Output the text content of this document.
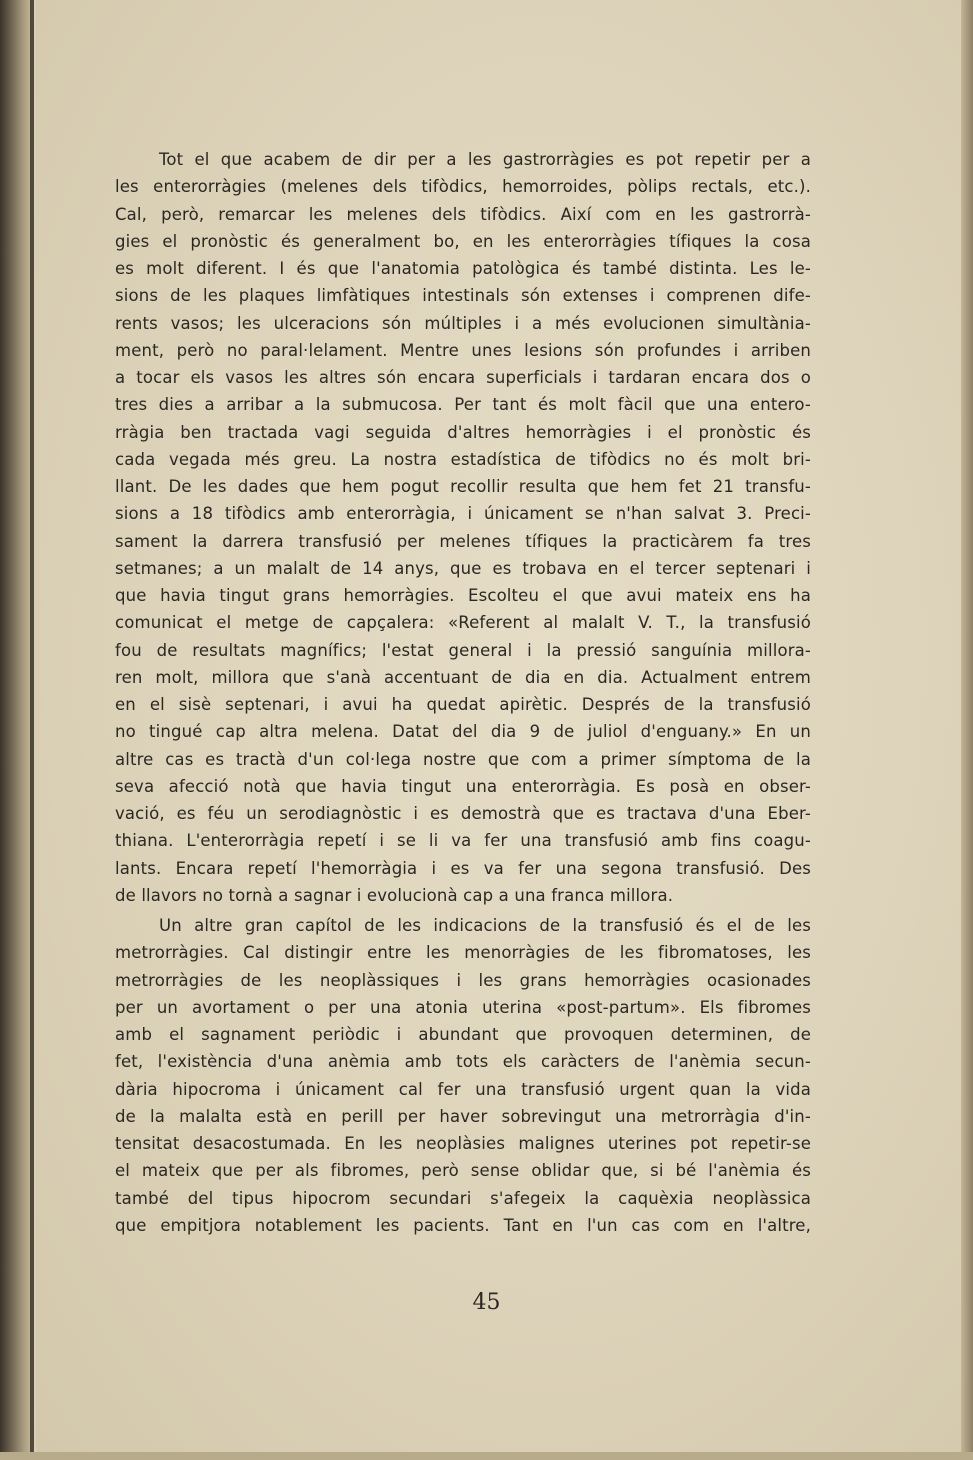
Tot el que acabem de dir per a les gastrorràgies es pot repetir per a
les enterorràgies (melenes dels tifòdics, hemorroides, pòlips rectals, etc.).
Cal, però, remarcar les melenes dels tifòdics. Així com en les gastrorrà-
gies el pronòstic és generalment bo, en les enterorràgies tífiques la cosa
es molt diferent. I és que l'anatomia patològica és també distinta. Les le-
sions de les plaques limfàtiques intestinals són extenses i comprenen dife-
rents vasos; les ulceracions són múltiples i a més evolucionen simultània-
ment, però no paral·lelament. Mentre unes lesions són profundes i arriben
a tocar els vasos les altres són encara superficials i tardaran encara dos o
tres dies a arribar a la submucosa. Per tant és molt fàcil que una entero-
rràgia ben tractada vagi seguida d'altres hemorràgies i el pronòstic és
cada vegada més greu. La nostra estadística de tifòdics no és molt bri-
llant. De les dades que hem pogut recollir resulta que hem fet 21 transfu-
sions a 18 tifòdics amb enterorràgia, i únicament se n'han salvat 3. Preci-
sament la darrera transfusió per melenes tífiques la practicàrem fa tres
setmanes; a un malalt de 14 anys, que es trobava en el tercer septenari i
que havia tingut grans hemorràgies. Escolteu el que avui mateix ens ha
comunicat el metge de capçalera: «Referent al malalt V. T., la transfusió
fou de resultats magnífics; l'estat general i la pressió sanguínia millora-
ren molt, millora que s'anà accentuant de dia en dia. Actualment entrem
en el sisè septenari, i avui ha quedat apirètic. Després de la transfusió
no tingué cap altra melena. Datat del dia 9 de juliol d'enguany.» En un
altre cas es tractà d'un col·lega nostre que com a primer símptoma de la
seva afecció notà que havia tingut una enterorràgia. Es posà en obser-
vació, es féu un serodiagnòstic i es demostrà que es tractava d'una Eber-
thiana. L'enterorràgia repetí i se li va fer una transfusió amb fins coagu-
lants. Encara repetí l'hemorràgia i es va fer una segona transfusió. Des
de llavors no tornà a sagnar i evolucionà cap a una franca millora.
Un altre gran capítol de les indicacions de la transfusió és el de les
metrorràgies. Cal distingir entre les menorràgies de les fibromatoses, les
metrorràgies de les neoplàssiques i les grans hemorràgies ocasionades
per un avortament o per una atonia uterina «post-partum». Els fibromes
amb el sagnament periòdic i abundant que provoquen determinen, de
fet, l'existència d'una anèmia amb tots els caràcters de l'anèmia secun-
dària hipocroma i únicament cal fer una transfusió urgent quan la vida
de la malalta està en perill per haver sobrevingut una metrorràgia d'in-
tensitat desacostumada. En les neoplàsies malignes uterines pot repetir-se
el mateix que per als fibromes, però sense oblidar que, si bé l'anèmia és
també del tipus hipocrom secundari s'afegeix la caquèxia neoplàssica
que empitjora notablement les pacients. Tant en l'un cas com en l'altre,
45
